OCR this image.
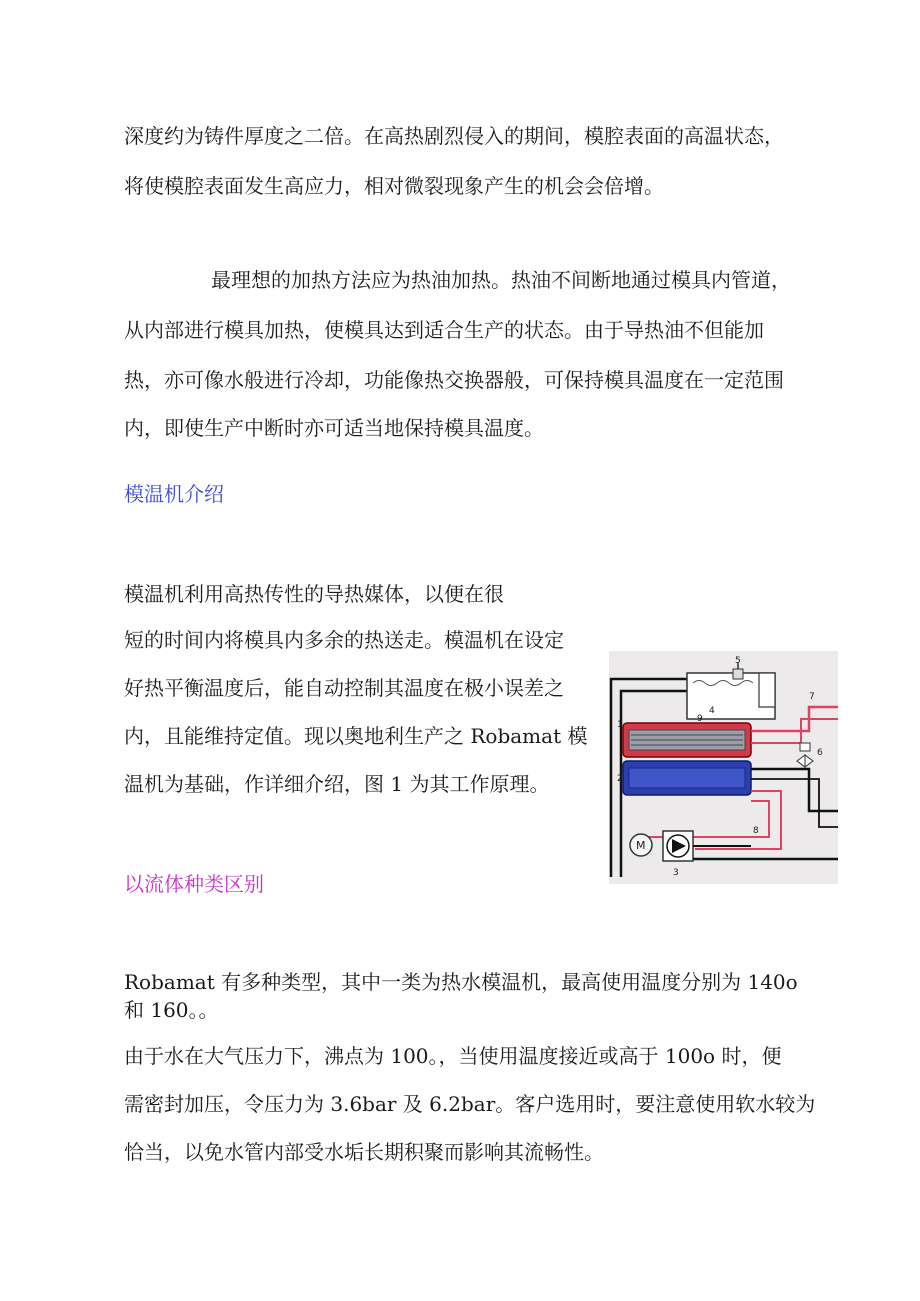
深度约为铸件厚度之二倍。在高热剧烈侵入的期间，模腔表面的高温状态，
将使模腔表面发生高应力，相对微裂现象产生的机会会倍增。
最理想的加热方法应为热油加热。热油不间断地通过模具内管道，
从内部进行模具加热，使模具达到适合生产的状态。由于导热油不但能加
热，亦可像水般进行冷却，功能像热交换器般，可保持模具温度在一定范围
内，即使生产中断时亦可适当地保持模具温度。
模温机介绍
模温机利用高热传性的导热媒体，以便在很
短的时间内将模具内多余的热送走。模温机在设定
好热平衡温度后，能自动控制其温度在极小误差之
内，且能维持定值。现以奥地利生产之 Robamat 模
温机为基础，作详细介绍，图 1 为其工作原理。
1
2
3
4
5
6
7
8
9
M
以流体种类区别
Robamat 有多种类型，其中一类为热水模温机，最高使用温度分别为 140o
和 160。。
由于水在大气压力下，沸点为 100。，当使用温度接近或高于 100o 时，便
需密封加压，令压力为 3.6bar 及 6.2bar。客户选用时，要注意使用软水较为
恰当，以免水管内部受水垢长期积聚而影响其流畅性。
